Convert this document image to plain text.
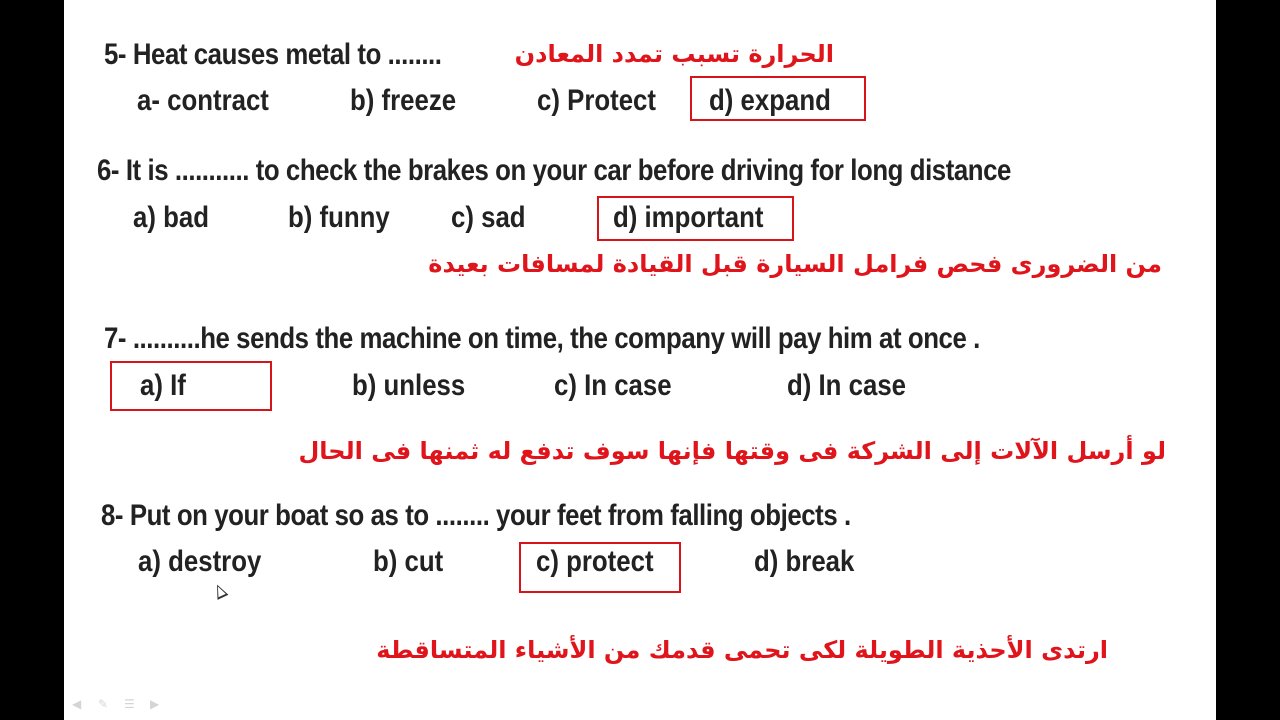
5- Heat causes metal to ........	الحرارة تسبب تمدد المعادن
a- contract	b) freeze	c) Protect d) expand
6- It is ........... to check the brakes on your car before driving for long distance
a) bad	b) funny c) sad	d) important
من الضرورى فحص فرامل السيارة قبل القيادة لمسافات بعيدة
7- ..........he sends the machine on time, the company will pay him at once .
a) If	b) unless	c) In case	d) In case
لو أرسل الآلات إلى الشركة فى وقتها فإنها سوف تدفع له ثمنها فى الحال
8- Put on your boat so as to ........ your feet from falling objects .
a) destroy	b) cut	c) protect	d) break
ارتدى الأحذية الطويلة لكى تحمى قدمك من الأشياء المتساقطة
◀	✎	☰ ▶
